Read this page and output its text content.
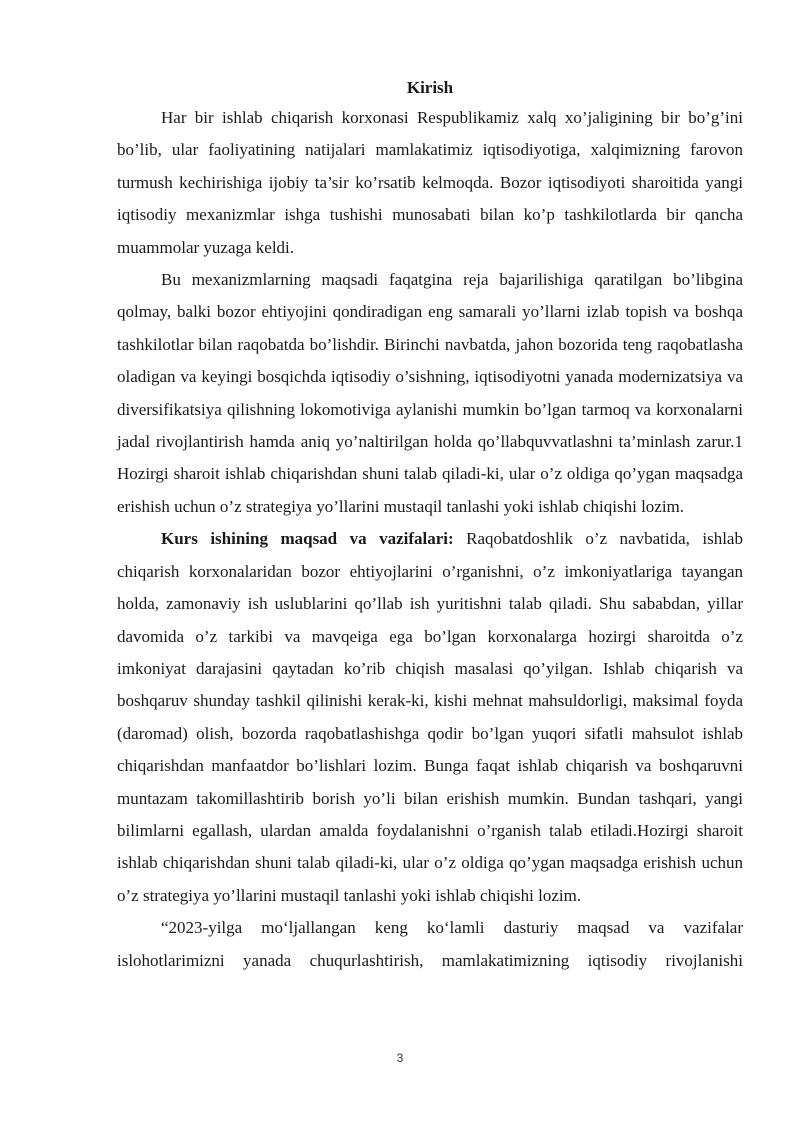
Kirish

Har bir ishlab chiqarish korxonasi Respublikamiz xalq xo’jaligining bir bo’g’ini bo’lib, ular faoliyatining natijalari mamlakatimiz iqtisodiyotiga, xalqimizning farovon turmush kechirishiga ijobiy ta’sir ko’rsatib kelmoqda. Bozor iqtisodiyoti sharoitida yangi iqtisodiy mexanizmlar ishga tushishi munosabati bilan ko’p tashkilotlarda bir qancha muammolar yuzaga keldi.

Bu mexanizmlarning maqsadi faqatgina reja bajarilishiga qaratilgan bo’libgina qolmay, balki bozor ehtiyojini qondiradigan eng samarali yo’llarni izlab topish va boshqa tashkilotlar bilan raqobatda bo’lishdir. Birinchi navbatda, jahon bozorida teng raqobatlasha oladigan va keyingi bosqichda iqtisodiy o’sishning, iqtisodiyotni yanada modernizatsiya va diversifikatsiya qilishning lokomotiviga aylanishi mumkin bo’lgan tarmoq va korxonalarni jadal rivojlantirish hamda aniq yo’naltirilgan holda qo’llabquvvatlashni ta’minlash zarur.1 Hozirgi sharoit ishlab chiqarishdan shuni talab qiladi-ki, ular o’z oldiga qo’ygan maqsadga erishish uchun o’z strategiya yo’llarini mustaqil tanlashi yoki ishlab chiqishi lozim.

Kurs ishining maqsad va vazifalari: Raqobatdoshlik o’z navbatida, ishlab chiqarish korxonalaridan bozor ehtiyojlarini o’rganishni, o’z imkoniyatlariga tayangan holda, zamonaviy ish uslublarini qo’llab ish yuritishni talab qiladi. Shu sababdan, yillar davomida o’z tarkibi va mavqeiga ega bo’lgan korxonalarga hozirgi sharoitda o’z imkoniyat darajasini qaytadan ko’rib chiqish masalasi qo’yilgan. Ishlab chiqarish va boshqaruv shunday tashkil qilinishi kerak-ki, kishi mehnat mahsuldorligi, maksimal foyda (daromad) olish, bozorda raqobatlashishga qodir bo’lgan yuqori sifatli mahsulot ishlab chiqarishdan manfaatdor bo’lishlari lozim. Bunga faqat ishlab chiqarish va boshqaruvni muntazam takomillashtirib borish yo’li bilan erishish mumkin. Bundan tashqari, yangi bilimlarni egallash, ulardan amalda foydalanishni o’rganish talab etiladi.Hozirgi sharoit ishlab chiqarishdan shuni talab qiladi-ki, ular o’z oldiga qo’ygan maqsadga erishish uchun o’z strategiya yo’llarini mustaqil tanlashi yoki ishlab chiqishi lozim.

“2023-yilga mo‘ljallangan keng ko‘lamli dasturiy maqsad va vazifalar islohotlarimizni yanada chuqurlashtirish, mamlakatimizning iqtisodiy rivojlanishi

3
